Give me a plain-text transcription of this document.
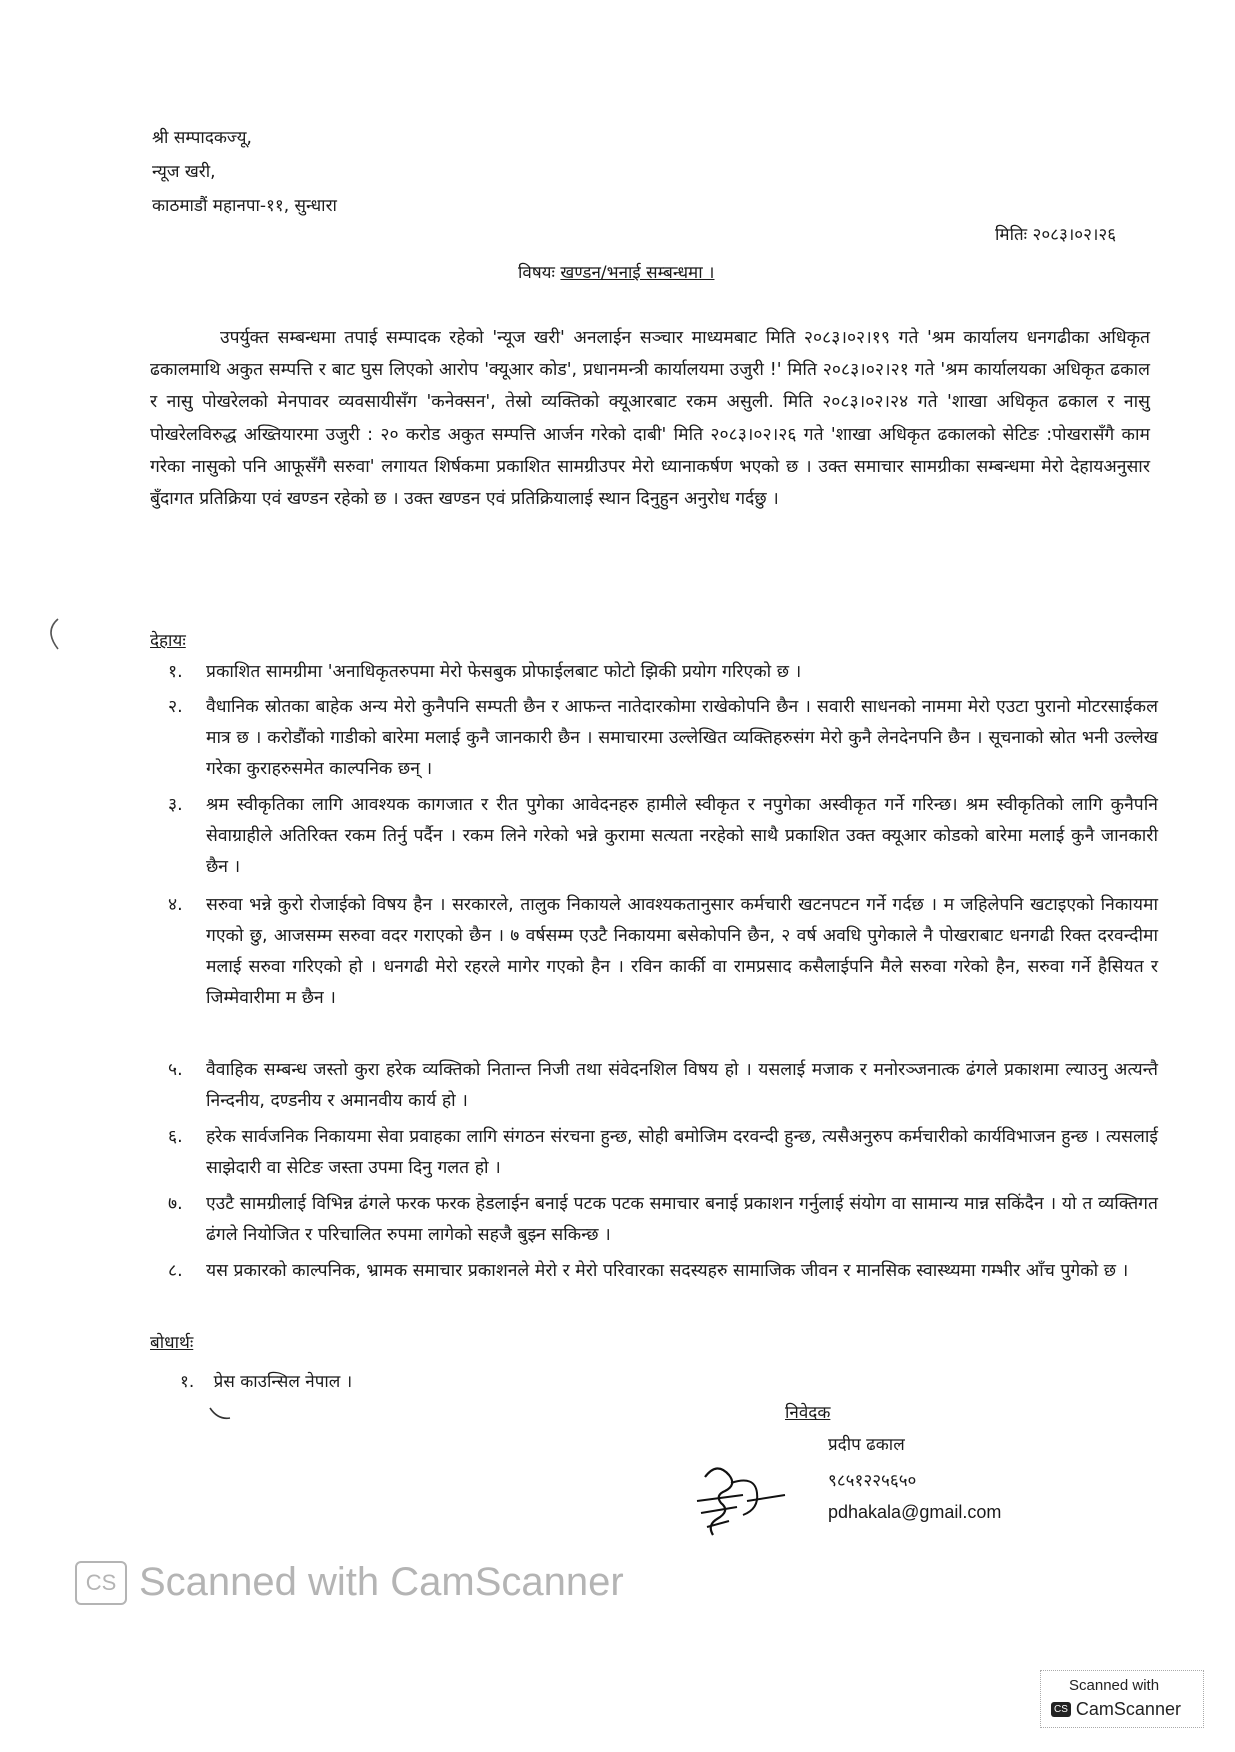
श्री सम्पादकज्यू,
न्यूज खरी,
काठमाडौं महानपा-११, सुन्धारा
मितिः २०८३।०२।२६
विषयः खण्डन/भनाई सम्बन्धमा ।
उपर्युक्त सम्बन्धमा तपाई सम्पादक रहेको 'न्यूज खरी' अनलाईन सञ्चार माध्यमबाट मिति २०८३।०२।१९ गते 'श्रम कार्यालय धनगढीका अधिकृत ढकालमाथि अकुत सम्पत्ति र बाट घुस लिएको आरोप 'क्यूआर कोड', प्रधानमन्त्री कार्यालयमा उजुरी !' मिति २०८३।०२।२१ गते 'श्रम कार्यालयका अधिकृत ढकाल र नासु पोखरेलको मेनपावर व्यवसायीसँग 'कनेक्सन', तेस्रो व्यक्तिको क्यूआरबाट रकम असुली. मिति २०८३।०२।२४ गते 'शाखा अधिकृत ढकाल र नासु पोखरेलविरुद्ध अख्तियारमा उजुरी : २० करोड अकुत सम्पत्ति आर्जन गरेको दाबी' मिति २०८३।०२।२६ गते 'शाखा अधिकृत ढकालको सेटिङ :पोखरासँगै काम गरेका नासुको पनि आफूसँगै सरुवा' लगायत शिर्षकमा प्रकाशित सामग्रीउपर मेरो ध्यानाकर्षण भएको छ । उक्त समाचार सामग्रीका सम्बन्धमा मेरो देहायअनुसार बुँदागत प्रतिक्रिया एवं खण्डन रहेको छ । उक्त खण्डन एवं प्रतिक्रियालाई स्थान दिनुहुन अनुरोध गर्दछु ।
देहायः
१. प्रकाशित सामग्रीमा 'अनाधिकृतरुपमा मेरो फेसबुक प्रोफाईलबाट फोटो झिकी प्रयोग गरिएको छ ।
२. वैधानिक स्रोतका बाहेक अन्य मेरो कुनैपनि सम्पती छैन र आफन्त नातेदारकोमा राखेकोपनि छैन । सवारी साधनको नाममा मेरो एउटा पुरानो मोटरसाईकल मात्र छ । करोडौंको गाडीको बारेमा मलाई कुनै जानकारी छैन । समाचारमा उल्लेखित व्यक्तिहरुसंग मेरो कुनै लेनदेनपनि छैन । सूचनाको स्रोत भनी उल्लेख गरेका कुराहरुसमेत काल्पनिक छन् ।
३. श्रम स्वीकृतिका लागि आवश्यक कागजात र रीत पुगेका आवेदनहरु हामीले स्वीकृत र नपुगेका अस्वीकृत गर्ने गरिन्छ। श्रम स्वीकृतिको लागि कुनैपनि सेवाग्राहीले अतिरिक्त रकम तिर्नु पर्दैन । रकम लिने गरेको भन्ने कुरामा सत्यता नरहेको साथै प्रकाशित उक्त क्यूआर कोडको बारेमा मलाई कुनै जानकारी छैन ।
४. सरुवा भन्ने कुरो रोजाईको विषय हैन । सरकारले, तालुक निकायले आवश्यकतानुसार कर्मचारी खटनपटन गर्ने गर्दछ । म जहिलेपनि खटाइएको निकायमा गएको छु, आजसम्म सरुवा वदर गराएको छैन । ७ वर्षसम्म एउटै निकायमा बसेकोपनि छैन, २ वर्ष अवधि पुगेकाले नै पोखराबाट धनगढी रिक्त दरवन्दीमा मलाई सरुवा गरिएको हो । धनगढी मेरो रहरले मागेर गएको हैन । रविन कार्की वा रामप्रसाद कसैलाईपनि मैले सरुवा गरेको हैन, सरुवा गर्ने हैसियत र जिम्मेवारीमा म छैन ।
५. वैवाहिक सम्बन्ध जस्तो कुरा हरेक व्यक्तिको नितान्त निजी तथा संवेदनशिल विषय हो । यसलाई मजाक र मनोरञ्जनात्क ढंगले प्रकाशमा ल्याउनु अत्यन्तै निन्दनीय, दण्डनीय र अमानवीय कार्य हो ।
६. हरेक सार्वजनिक निकायमा सेवा प्रवाहका लागि संगठन संरचना हुन्छ, सोही बमोजिम दरवन्दी हुन्छ, त्यसैअनुरुप कर्मचारीको कार्यविभाजन हुन्छ । त्यसलाई साझेदारी वा सेटिङ जस्ता उपमा दिनु गलत हो ।
७. एउटै सामग्रीलाई विभिन्न ढंगले फरक फरक हेडलाईन बनाई पटक पटक समाचार बनाई प्रकाशन गर्नुलाई संयोग वा सामान्य मान्न सकिंदैन । यो त व्यक्तिगत ढंगले नियोजित र परिचालित रुपमा लागेको सहजै बुझ्न सकिन्छ ।
८. यस प्रकारको काल्पनिक, भ्रामक समाचार प्रकाशनले मेरो र मेरो परिवारका सदस्यहरु सामाजिक जीवन र मानसिक स्वास्थ्यमा गम्भीर आँच पुगेको छ ।
बोधार्थः
१. प्रेस काउन्सिल नेपाल ।
निवेदक
प्रदीप ढकाल
९८५१२२५६५०
pdhakala@gmail.com
CS Scanned with CamScanner
Scanned with
CS CamScanner
